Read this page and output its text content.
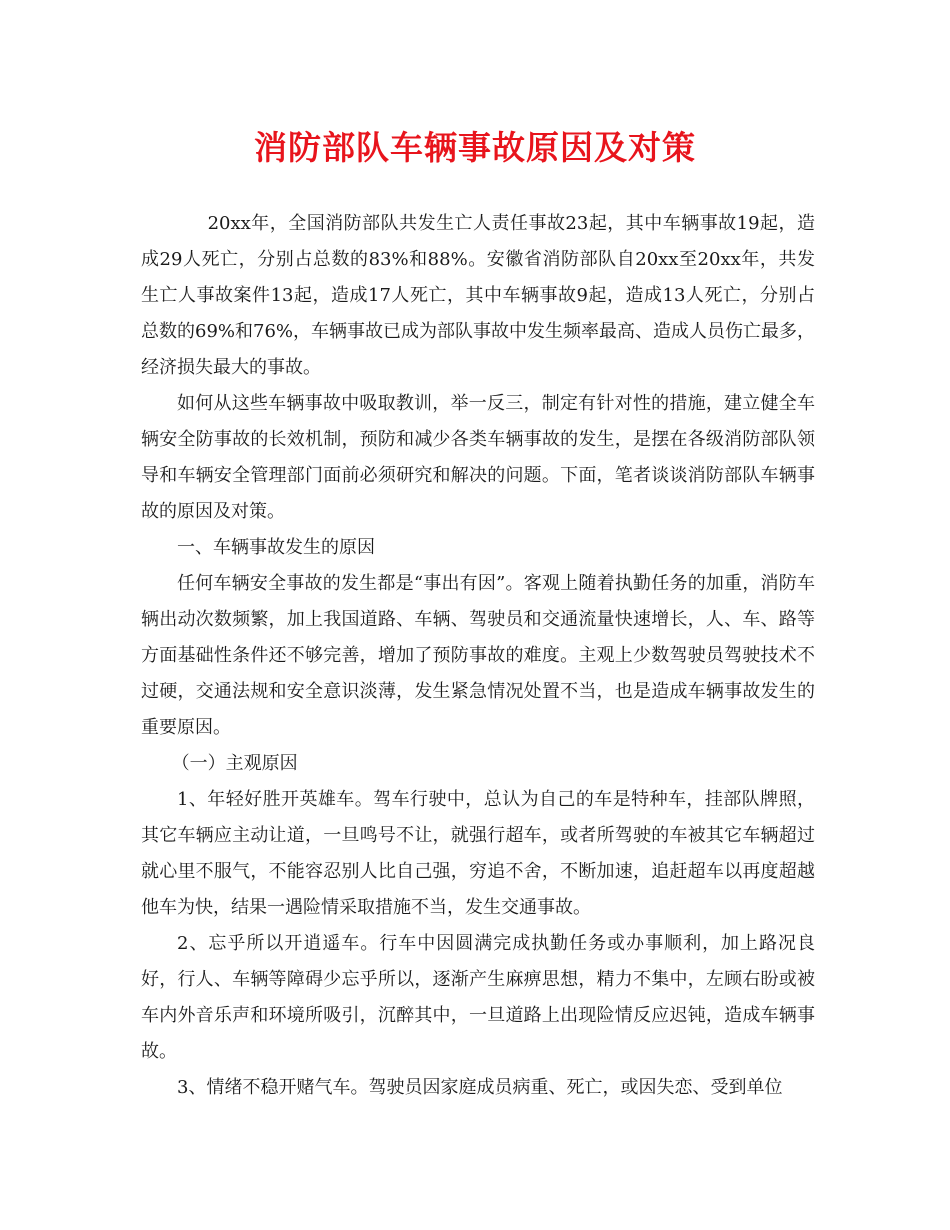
消防部队车辆事故原因及对策

20xx年，全国消防部队共发生亡人责任事故23起，其中车辆事故19起，造成29人死亡，分别占总数的83%和88%。安徽省消防部队自20xx至20xx年，共发生亡人事故案件13起，造成17人死亡，其中车辆事故9起，造成13人死亡，分别占总数的69%和76%，车辆事故已成为部队事故中发生频率最高、造成人员伤亡最多，经济损失最大的事故。

如何从这些车辆事故中吸取教训，举一反三，制定有针对性的措施，建立健全车辆安全防事故的长效机制，预防和减少各类车辆事故的发生，是摆在各级消防部队领导和车辆安全管理部门面前必须研究和解决的问题。下面，笔者谈谈消防部队车辆事故的原因及对策。

一、车辆事故发生的原因

任何车辆安全事故的发生都是“事出有因”。客观上随着执勤任务的加重，消防车辆出动次数频繁，加上我国道路、车辆、驾驶员和交通流量快速增长，人、车、路等方面基础性条件还不够完善，增加了预防事故的难度。主观上少数驾驶员驾驶技术不过硬，交通法规和安全意识淡薄，发生紧急情况处置不当，也是造成车辆事故发生的重要原因。

（一）主观原因

1、年轻好胜开英雄车。驾车行驶中，总认为自己的车是特种车，挂部队牌照，其它车辆应主动让道，一旦鸣号不让，就强行超车，或者所驾驶的车被其它车辆超过就心里不服气，不能容忍别人比自己强，穷追不舍，不断加速，追赶超车以再度超越他车为快，结果一遇险情采取措施不当，发生交通事故。

2、忘乎所以开逍遥车。行车中因圆满完成执勤任务或办事顺利，加上路况良好，行人、车辆等障碍少忘乎所以，逐渐产生麻痹思想，精力不集中，左顾右盼或被车内外音乐声和环境所吸引，沉醉其中，一旦道路上出现险情反应迟钝，造成车辆事故。

3、情绪不稳开赌气车。驾驶员因家庭成员病重、死亡，或因失恋、受到单位
